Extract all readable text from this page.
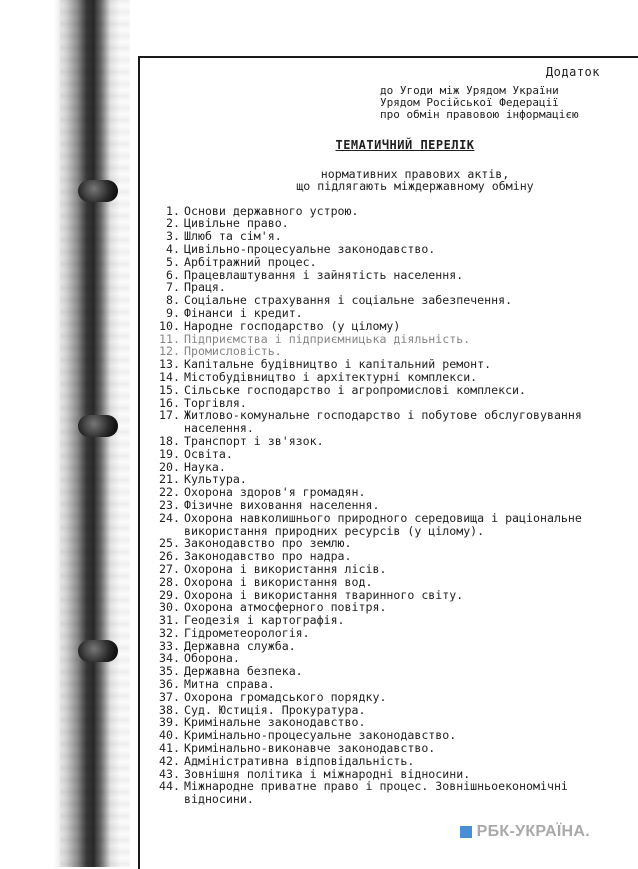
Додаток
до Угоди між Урядом України
Урядом Російської Федерації
про обмін правовою інформацією
ТЕМАТИЧНИЙ ПЕРЕЛІК
нормативних правових актів,
що підлягають міждержавному обміну
1. Основи державного устрою.
2. Цивільне право.
3. Шлюб та сім'я.
4. Цивільно-процесуальне законодавство.
5. Арбітражний процес.
6. Працевлаштування і зайнятість населення.
7. Праця.
8. Соціальне страхування і соціальне забезпечення.
9. Фінанси і кредит.
10. Народне господарство (у цілому)
11. Підприємства і підприємницька діяльність.
12. Промисловість.
13. Капітальне будівництво і капітальний ремонт.
14. Містобудівництво і архітектурні комплекси.
15. Сільське господарство і агропромислові комплекси.
16. Торгівля.
17. Житлово-комунальне господарство і побутове обслуговування населення.
18. Транспорт і зв'язок.
19. Освіта.
20. Наука.
21. Культура.
22. Охорона здоров'я громадян.
23. Фізичне виховання населення.
24. Охорона навколишнього природного середовища і раціональне використання природних ресурсів (у цілому).
25. Законодавство про землю.
26. Законодавство про надра.
27. Охорона і використання лісів.
28. Охорона і використання вод.
29. Охорона і використання тваринного світу.
30. Охорона атмосферного повітря.
31. Геодезія і картографія.
32. Гідрометеорологія.
33. Державна служба.
34. Оборона.
35. Державна безпека.
36. Митна справа.
37. Охорона громадського порядку.
38. Суд. Юстиція. Прокуратура.
39. Кримінальне законодавство.
40. Кримінально-процесуальне законодавство.
41. Кримінально-виконавче законодавство.
42. Адміністративна відповідальність.
43. Зовнішня політика і міжнародні відносини.
44. Міжнародне приватне право і процес. Зовнішньоекономічні відносини.
РБК-УКРАЇНА.
